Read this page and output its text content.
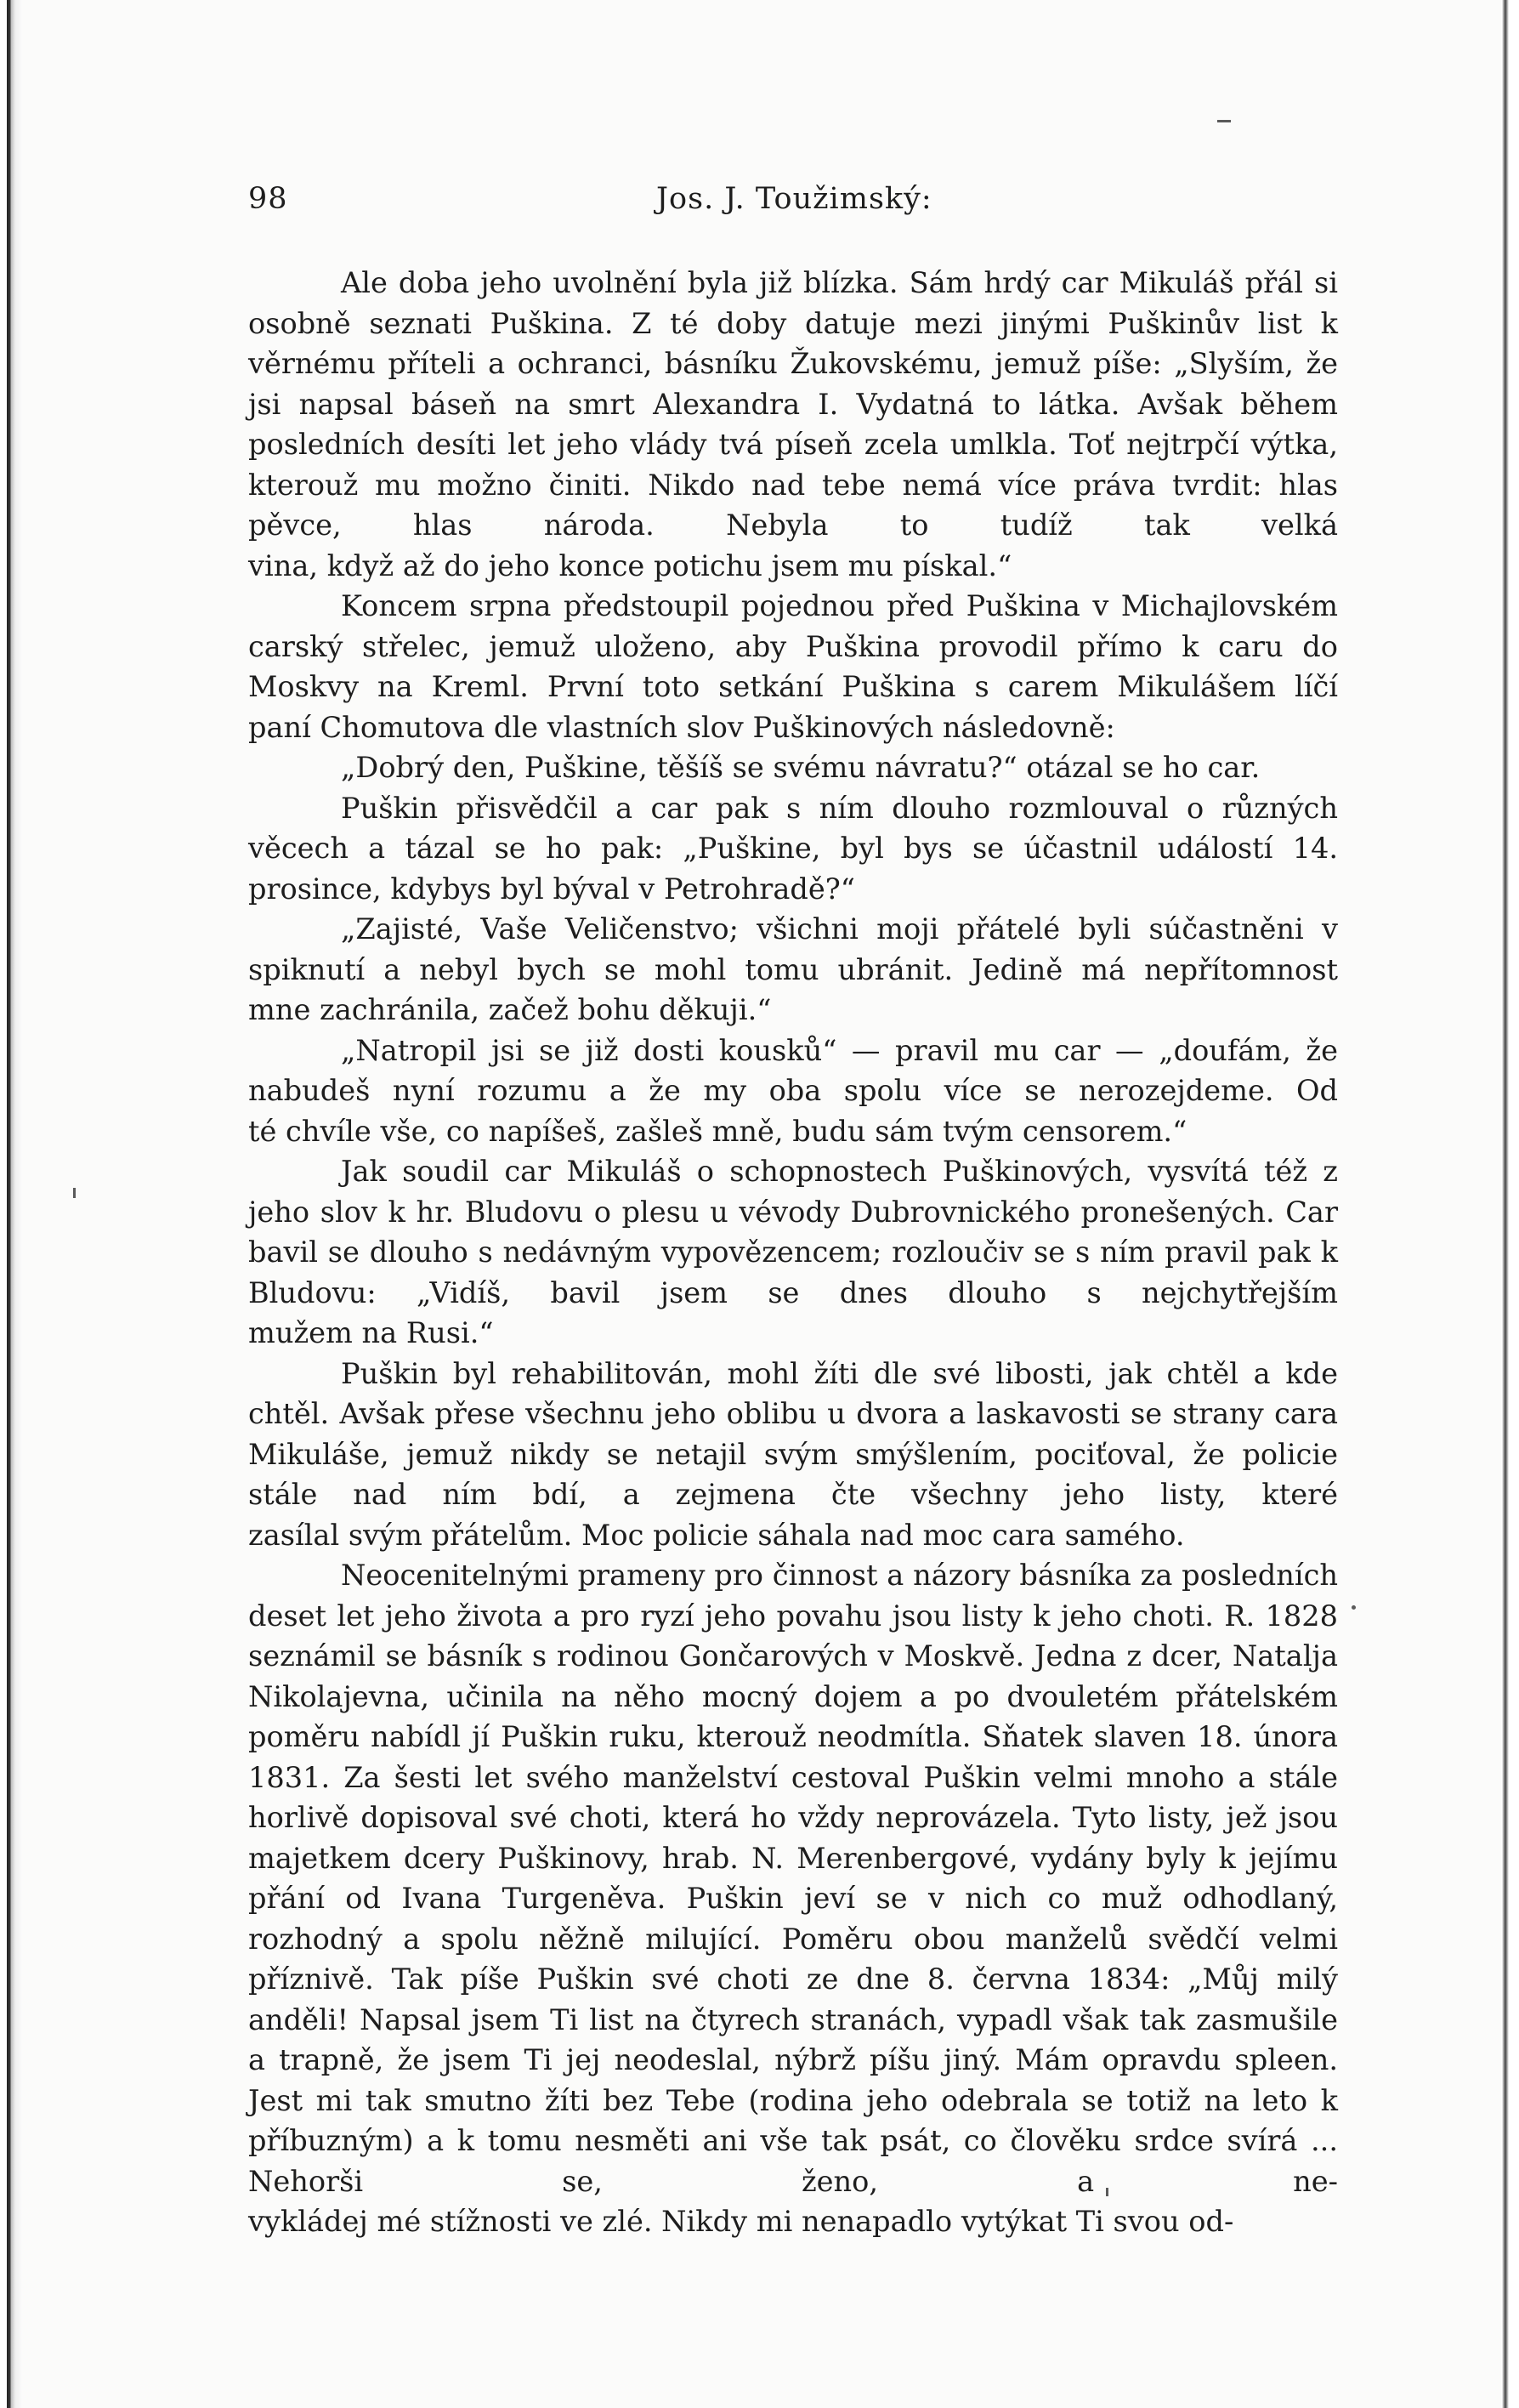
98	Jos. J. Toužimský:

Ale doba jeho uvolnění byla již blízka. Sám hrdý car Mikuláš přál si osobně seznati Puškina. Z té doby datuje mezi jinými Puškinův list k věrnému příteli a ochranci, básníku Žukovskému, jemuž píše: „Slyším, že jsi napsal báseň na smrt Alexandra I. Vydatná to látka. Avšak během posledních desíti let jeho vlády tvá píseň zcela umlkla. Toť nejtrpčí výtka, kterouž mu možno činiti. Nikdo nad tebe nemá více práva tvrdit: hlas pěvce, hlas národa. Nebyla to tudíž tak velká
vina, když až do jeho konce potichu jsem mu pískal.“

Koncem srpna předstoupil pojednou před Puškina v Michajlovském carský střelec, jemuž uloženo, aby Puškina provodil přímo k caru do Moskvy na Kreml. První toto setkání Puškina s carem Mikulášem líčí
paní Chomutova dle vlastních slov Puškinových následovně:

„Dobrý den, Puškine, těšíš se svému návratu?“ otázal se ho car.

Puškin přisvědčil a car pak s ním dlouho rozmlouval o různých věcech a tázal se ho pak: „Puškine, byl bys se účastnil událostí 14.
prosince, kdybys byl býval v Petrohradě?“

„Zajisté, Vaše Veličenstvo; všichni moji přátelé byli súčastněni v spiknutí a nebyl bych se mohl tomu ubránit. Jedině má nepřítomnost
mne zachránila, začež bohu děkuji.“

„Natropil jsi se již dosti kousků“ — pravil mu car — „doufám, že nabudeš nyní rozumu a že my oba spolu více se nerozejdeme. Od
té chvíle vše, co napíšeš, zašleš mně, budu sám tvým censorem.“

Jak soudil car Mikuláš o schopnostech Puškinových, vysvítá též z jeho slov k hr. Bludovu o plesu u vévody Dubrovnického pronešených. Car bavil se dlouho s nedávným vypovězencem; rozloučiv se s ním pravil pak k Bludovu: „Vidíš, bavil jsem se dnes dlouho s nejchytřejším
mužem na Rusi.“

Puškin byl rehabilitován, mohl žíti dle své libosti, jak chtěl a kde chtěl. Avšak přese všechnu jeho oblibu u dvora a laskavosti se strany cara Mikuláše, jemuž nikdy se netajil svým smýšlením, pociťoval, že policie stále nad ním bdí, a zejmena čte všechny jeho listy, které
zasílal svým přátelům. Moc policie sáhala nad moc cara samého.

Neocenitelnými prameny pro činnost a názory básníka za posledních deset let jeho života a pro ryzí jeho povahu jsou listy k jeho choti. R. 1828 seznámil se básník s rodinou Gončarových v Moskvě. Jedna z dcer, Natalja Nikolajevna, učinila na něho mocný dojem a po dvouletém přátelském poměru nabídl jí Puškin ruku, kterouž neodmítla. Sňatek slaven 18. února 1831. Za šesti let svého manželství cestoval Puškin velmi mnoho a stále horlivě dopisoval své choti, která ho vždy neprovázela. Tyto listy, jež jsou majetkem dcery Puškinovy, hrab. N. Merenbergové, vydány byly k jejímu přání od Ivana Turgeněva. Puškin jeví se v nich co muž odhodlaný, rozhodný a spolu něžně milující. Poměru obou manželů svědčí velmi příznivě. Tak píše Puškin své choti ze dne 8. června 1834: „Můj milý anděli! Napsal jsem Ti list na čtyrech stranách, vypadl však tak zasmušile a trapně, že jsem Ti jej neodeslal, nýbrž píšu jiný. Mám opravdu spleen. Jest mi tak smutno žíti bez Tebe (rodina jeho odebrala se totiž na leto k příbuzným) a k tomu nesměti ani vše tak psát, co člověku srdce svírá ... Nehorši se, ženo, a ne-
vykládej mé stížnosti ve zlé. Nikdy mi nenapadlo vytýkat Ti svou od-
